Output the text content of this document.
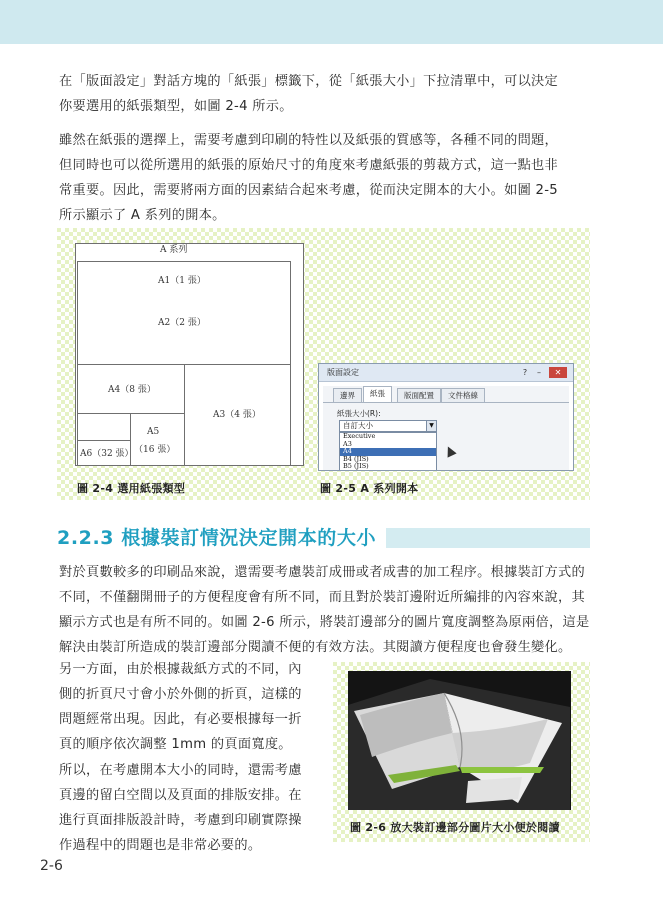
在「版面設定」對話方塊的「紙張」標籤下，從「紙張大小」下拉清單中，可以決定
你要選用的紙張類型，如圖 2-4 所示。
雖然在紙張的選擇上，需要考慮到印刷的特性以及紙張的質感等，各種不同的問題，
但同時也可以從所選用的紙張的原始尺寸的角度來考慮紙張的剪裁方式，這一點也非
常重要。因此，需要將兩方面的因素結合起來考慮，從而決定開本的大小。如圖 2-5
所示顯示了 A 系列的開本。
A 系列
A1（1 張）
A2（2 張）
A4（8 張）
A3（4 張）
A5
（16 張）
A6（32 張）
版面設定	?	–	✕
邊界	紙張	版面配置	文件格線
紙張大小(R):
自訂大小	▼
Executive
A3
A4
B4 (JIS)
B5 (JIS)
圖 2-4 選用紙張類型	圖 2-5 A 系列開本
2.2.3 根據裝訂情況決定開本的大小
對於頁數較多的印刷品來說，還需要考慮裝訂成冊或者成書的加工程序。根據裝訂方式的
不同，不僅翻開冊子的方便程度會有所不同，而且對於裝訂邊附近所編排的內容來說，其
顯示方式也是有所不同的。如圖 2-6 所示，將裝訂邊部分的圖片寬度調整為原兩倍，這是
解決由裝訂所造成的裝訂邊部分閱讀不便的有效方法。其閱讀方便程度也會發生變化。
另一方面，由於根據裁紙方式的不同，內
側的折頁尺寸會小於外側的折頁，這樣的
問題經常出現。因此，有必要根據每一折
頁的順序依次調整 1mm 的頁面寬度。
所以，在考慮開本大小的同時，還需考慮
頁邊的留白空間以及頁面的排版安排。在
進行頁面排版設計時，考慮到印刷實際操
作過程中的問題也是非常必要的。
圖 2-6 放大裝訂邊部分圖片大小便於閱讀
2-6
